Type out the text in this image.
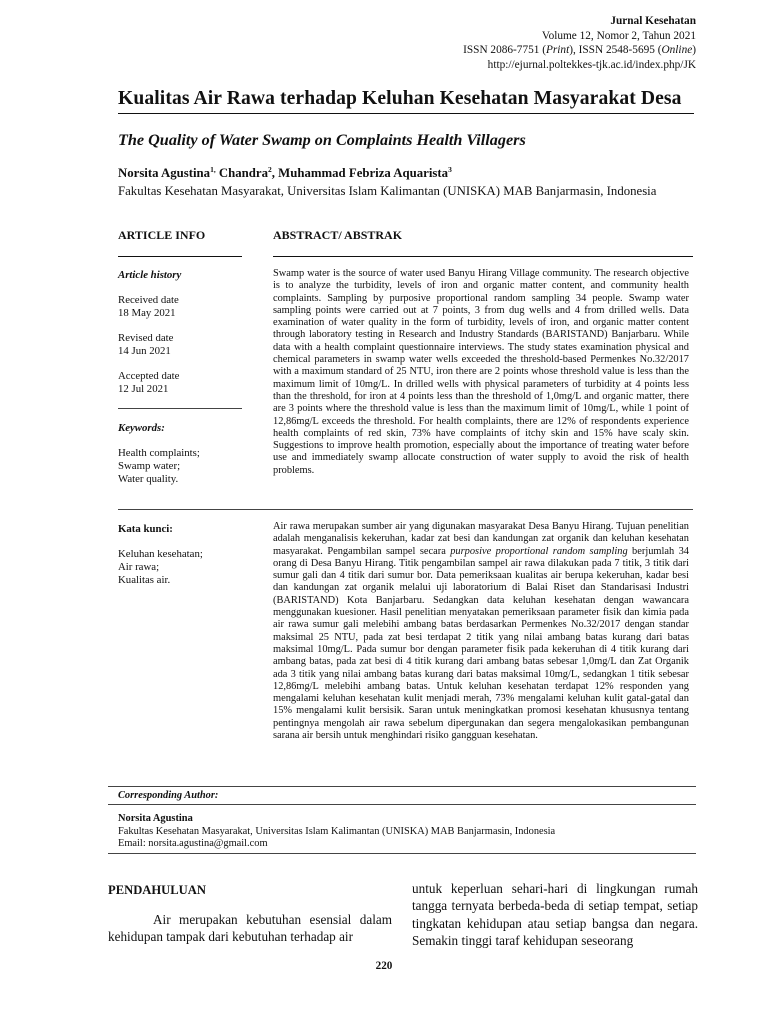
Jurnal Kesehatan
Volume 12, Nomor 2, Tahun 2021
ISSN 2086-7751 (Print), ISSN 2548-5695 (Online)
http://ejurnal.poltekkes-tjk.ac.id/index.php/JK
Kualitas Air Rawa terhadap Keluhan Kesehatan Masyarakat Desa
The Quality of Water Swamp on Complaints Health Villagers
Norsita Agustina$^{1,}$ Chandra$^2$, Muhammad Febriza Aquarista$^3$
Fakultas Kesehatan Masyarakat, Universitas Islam Kalimantan (UNISKA) MAB Banjarmasin, Indonesia
ARTICLE INFO	ABSTRACT/ ABSTRAK
Article history
Received date
18 May 2021
Revised date
14 Jun 2021
Accepted date
12 Jul 2021
Keywords:
Health complaints;
Swamp water;
Water quality.
Swamp water is the source of water used Banyu Hirang Village community. The research objective is to analyze the turbidity, levels of iron and organic matter content, and community health complaints. Sampling by purposive proportional random sampling 34 people. Swamp water sampling points were carried out at 7 points, 3 from dug wells and 4 from drilled wells. Data examination of water quality in the form of turbidity, levels of iron, and organic matter content through laboratory testing in Research and Industry Standards (BARISTAND) Banjarbaru. While data with a health complaint questionnaire interviews. The study states examination physical and chemical parameters in swamp water wells exceeded the threshold-based Permenkes No.32/2017 with a maximum standard of 25 NTU, iron there are 2 points whose threshold value is less than the maximum limit of 10mg/L. In drilled wells with physical parameters of turbidity at 4 points less than the threshold, for iron at 4 points less than the threshold of 1,0mg/L and organic matter, there are 3 points where the threshold value is less than the maximum limit of 10mg/L, while 1 point of 12,86mg/L exceeds the threshold. For health complaints, there are 12% of respondents experience health complaints of red skin, 73% have complaints of itchy skin and 15% have scaly skin. Suggestions to improve health promotion, especially about the importance of treating water before use and immediately swamp allocate construction of water supply to avoid the risk of health problems.
Kata kunci:
Keluhan kesehatan;
Air rawa;
Kualitas air.
Air rawa merupakan sumber air yang digunakan masyarakat Desa Banyu Hirang. Tujuan penelitian adalah menganalisis kekeruhan, kadar zat besi dan kandungan zat organik dan keluhan kesehatan masyarakat. Pengambilan sampel secara purposive proportional random sampling berjumlah 34 orang di Desa Banyu Hirang. Titik pengambilan sampel air rawa dilakukan pada 7 titik, 3 titik dari sumur gali dan 4 titik dari sumur bor. Data pemeriksaan kualitas air berupa kekeruhan, kadar besi dan kandungan zat organik melalui uji laboratorium di Balai Riset dan Standarisasi Industri (BARISTAND) Kota Banjarbaru. Sedangkan data keluhan kesehatan dengan wawancara menggunakan kuesioner. Hasil penelitian menyatakan pemeriksaan parameter fisik dan kimia pada air rawa sumur gali melebihi ambang batas berdasarkan Permenkes No.32/2017 dengan standar maksimal 25 NTU, pada zat besi terdapat 2 titik yang nilai ambang batas kurang dari batas maksimal 10mg/L. Pada sumur bor dengan parameter fisik pada kekeruhan di 4 titik kurang dari ambang batas, pada zat besi di 4 titik kurang dari ambang batas sebesar 1,0mg/L dan Zat Organik ada 3 titik yang nilai ambang batas kurang dari batas maksimal 10mg/L, sedangkan 1 titik sebesar 12,86mg/L melebihi ambang batas. Untuk keluhan kesehatan terdapat 12% responden yang mengalami keluhan kesehatan kulit menjadi merah, 73% mengalami keluhan kulit gatal-gatal dan 15% mengalami kulit bersisik. Saran untuk meningkatkan promosi kesehatan khususnya tentang pentingnya mengolah air rawa sebelum dipergunakan dan segera mengalokasikan pembangunan sarana air bersih untuk menghindari risiko gangguan kesehatan.
Corresponding Author:
Norsita Agustina
Fakultas Kesehatan Masyarakat, Universitas Islam Kalimantan (UNISKA) MAB Banjarmasin, Indonesia
Email: norsita.agustina@gmail.com
PENDAHULUAN
Air merupakan kebutuhan esensial dalam kehidupan tampak dari kebutuhan terhadap air
untuk keperluan sehari-hari di lingkungan rumah tangga ternyata berbeda-beda di setiap tempat, setiap tingkatan kehidupan atau setiap bangsa dan negara. Semakin tinggi taraf kehidupan seseorang
220
